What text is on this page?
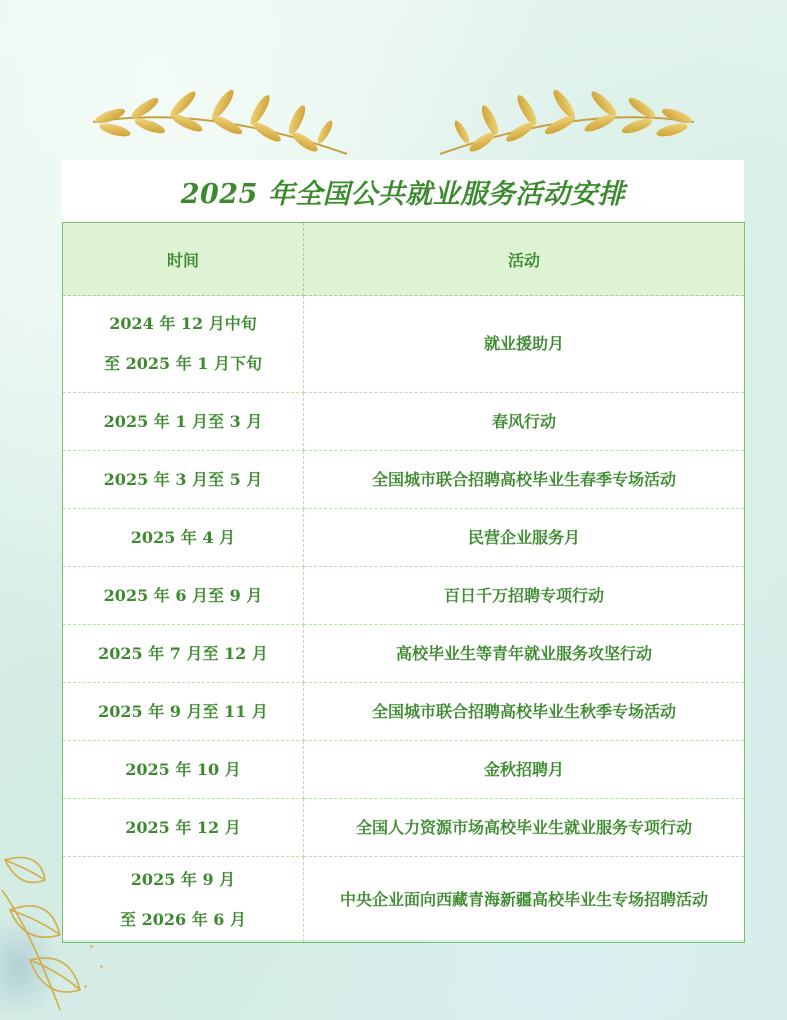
2025 年全国公共就业服务活动安排
时间	活动

2024 年 12 月中旬
至 2025 年 1 月下旬	就业援助月
2025 年 1 月至 3 月	春风行动
2025 年 3 月至 5 月	全国城市联合招聘高校毕业生春季专场活动
2025 年 4 月	民营企业服务月
2025 年 6 月至 9 月	百日千万招聘专项行动
2025 年 7 月至 12 月	高校毕业生等青年就业服务攻坚行动
2025 年 9 月至 11 月	全国城市联合招聘高校毕业生秋季专场活动
2025 年 10 月	金秋招聘月
2025 年 12 月	全国人力资源市场高校毕业生就业服务专项行动

2025 年 9 月
至 2026 年 6 月	中央企业面向西藏青海新疆高校毕业生专场招聘活动
